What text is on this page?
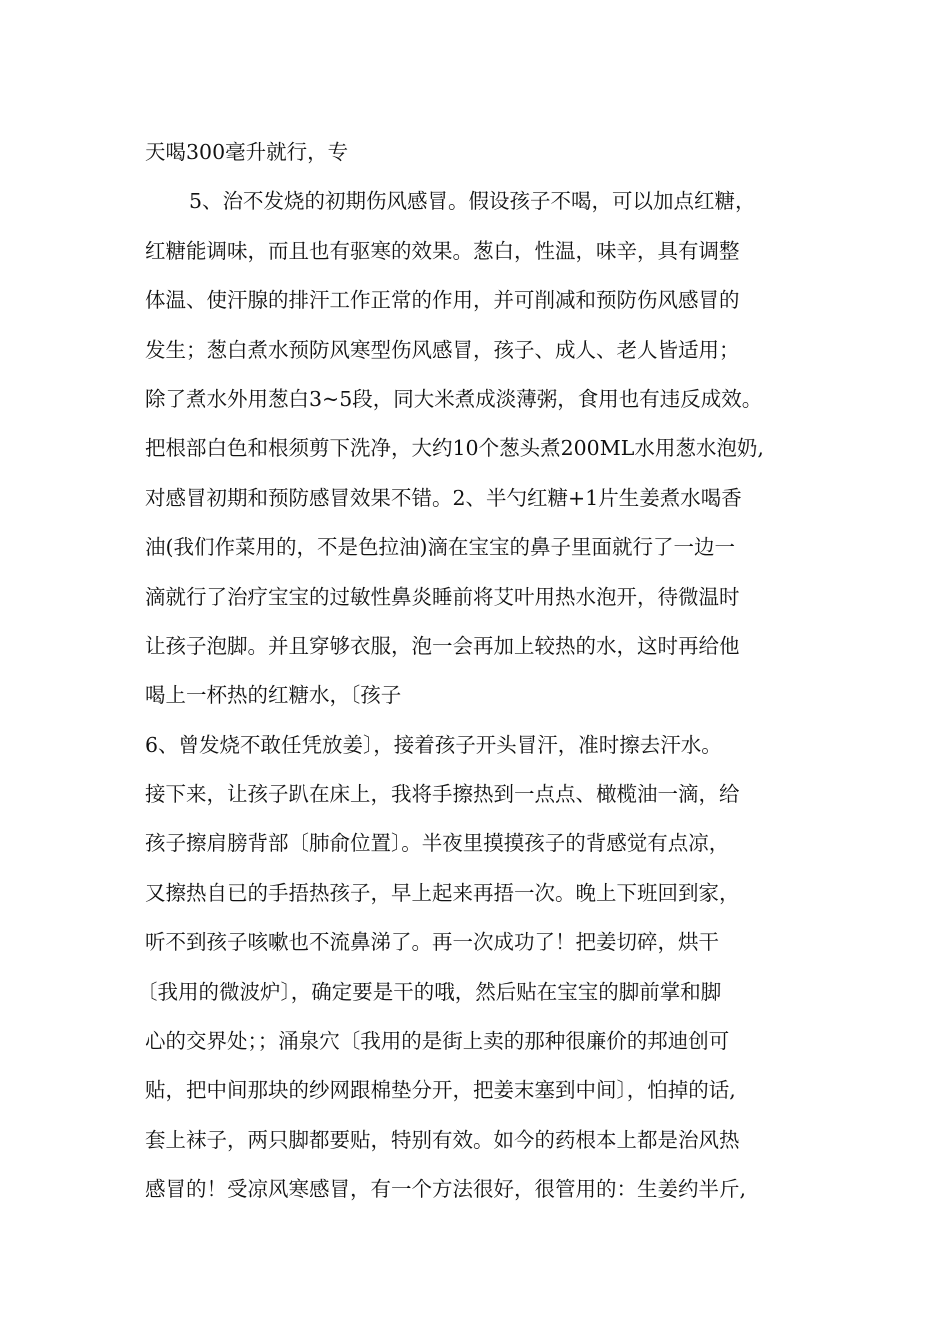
天喝300毫升就行，专
5、治不发烧的初期伤风感冒。假设孩子不喝，可以加点红糖，
红糖能调味，而且也有驱寒的效果。葱白，性温，味辛，具有调整
体温、使汗腺的排汗工作正常的作用，并可削减和预防伤风感冒的
发生；葱白煮水预防风寒型伤风感冒，孩子、成人、老人皆适用；
除了煮水外用葱白3~5段，同大米煮成淡薄粥，食用也有违反成效。
把根部白色和根须剪下洗净，大约10个葱头煮200ML水用葱水泡奶,
对感冒初期和预防感冒效果不错。2、半勺红糖+1片生姜煮水喝香
油(我们作菜用的，不是色拉油)滴在宝宝的鼻子里面就行了一边一
滴就行了治疗宝宝的过敏性鼻炎睡前将艾叶用热水泡开，待微温时
让孩子泡脚。并且穿够衣服，泡一会再加上较热的水，这时再给他
喝上一杯热的红糖水，〔孩子
6、曾发烧不敢任凭放姜〕，接着孩子开头冒汗，准时擦去汗水。
接下来，让孩子趴在床上，我将手擦热到一点点、橄榄油一滴，给
孩子擦肩膀背部〔肺俞位置〕。半夜里摸摸孩子的背感觉有点凉，
又擦热自已的手捂热孩子，早上起来再捂一次。晚上下班回到家，
听不到孩子咳嗽也不流鼻涕了。再一次成功了！把姜切碎，烘干
〔我用的微波炉〕，确定要是干的哦，然后贴在宝宝的脚前掌和脚
心的交界处；；涌泉穴〔我用的是街上卖的那种很廉价的邦迪创可
贴，把中间那块的纱网跟棉垫分开，把姜末塞到中间〕，怕掉的话,
套上袜子，两只脚都要贴，特别有效。如今的药根本上都是治风热
感冒的！受凉风寒感冒，有一个方法很好，很管用的：生姜约半斤,
